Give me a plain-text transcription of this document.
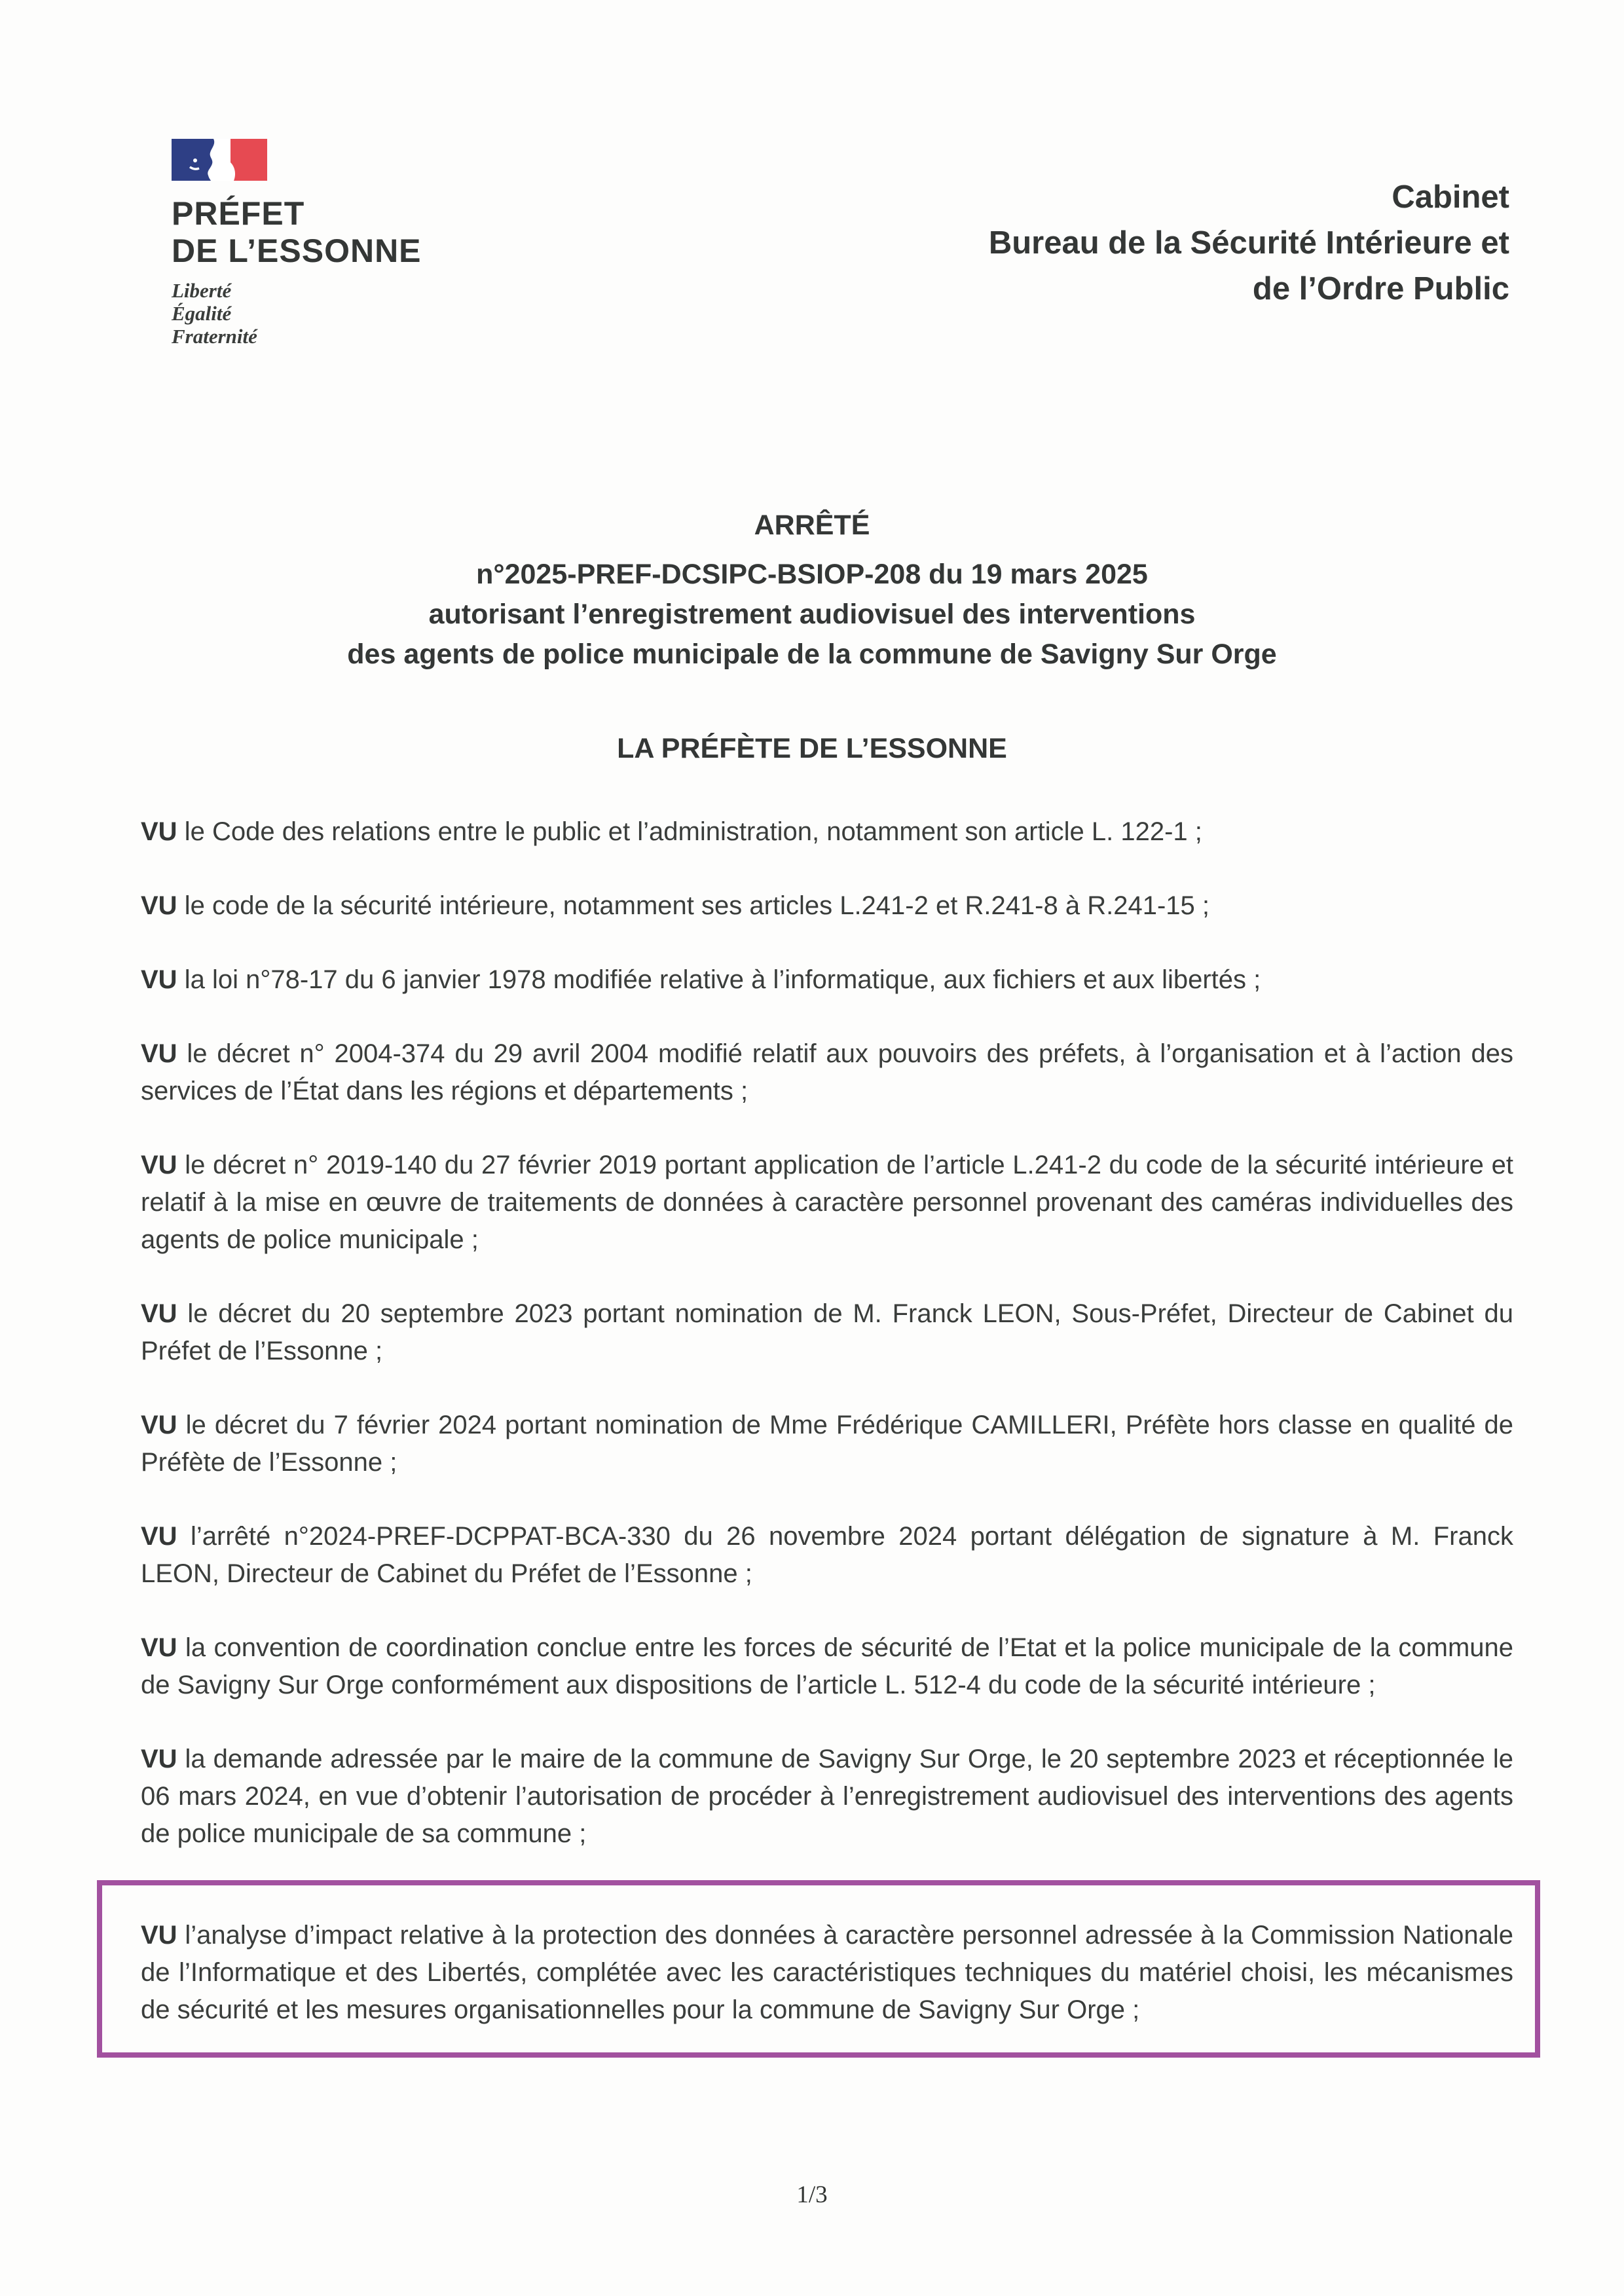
PRÉFET
DE L’ESSONNE
Liberté
Égalité
Fraternité
Cabinet
Bureau de la Sécurité Intérieure et
de l’Ordre Public
ARRÊTÉ
n°2025-PREF-DCSIPC-BSIOP-208 du 19 mars 2025
autorisant l’enregistrement audiovisuel des interventions
des agents de police municipale de la commune de Savigny Sur Orge
LA PRÉFÈTE DE L’ESSONNE

VU le Code des relations entre le public et l’administration, notamment son article L. 122-1 ;

VU le code de la sécurité intérieure, notamment ses articles L.241-2 et R.241-8 à R.241-15 ;

VU la loi n°78-17 du 6 janvier 1978 modifiée relative à l’informatique, aux fichiers et aux libertés ;

VU le décret n° 2004-374 du 29 avril 2004 modifié relatif aux pouvoirs des préfets, à l’organisation et à l’action des services de l’État dans les régions et départements ;

VU le décret n° 2019-140 du 27 février 2019 portant application de l’article L.241-2 du code de la sécurité intérieure et relatif à la mise en œuvre de traitements de données à caractère personnel provenant des caméras individuelles des agents de police municipale ;

VU le décret du 20 septembre 2023 portant nomination de M. Franck LEON, Sous-Préfet, Directeur de Cabinet du Préfet de l’Essonne ;

VU le décret du 7 février 2024 portant nomination de Mme Frédérique CAMILLERI, Préfète hors classe en qualité de Préfète de l’Essonne ;

VU l’arrêté n°2024-PREF-DCPPAT-BCA-330 du 26 novembre 2024 portant délégation de signature à M. Franck LEON, Directeur de Cabinet du Préfet de l’Essonne ;

VU la convention de coordination conclue entre les forces de sécurité de l’Etat et la police municipale de la commune de Savigny Sur Orge conformément aux dispositions de l’article L. 512-4 du code de la sécurité intérieure ;

VU la demande adressée par le maire de la commune de Savigny Sur Orge, le 20 septembre 2023 et réceptionnée le 06 mars 2024, en vue d’obtenir l’autorisation de procéder à l’enregistrement audiovisuel des interventions des agents de police municipale de sa commune ;

VU l’analyse d’impact relative à la protection des données à caractère personnel adressée à la Commission Nationale de l’Informatique et des Libertés, complétée avec les caractéristiques techniques du matériel choisi, les mécanismes de sécurité et les mesures organisationnelles pour la commune de Savigny Sur Orge ;

1/3
